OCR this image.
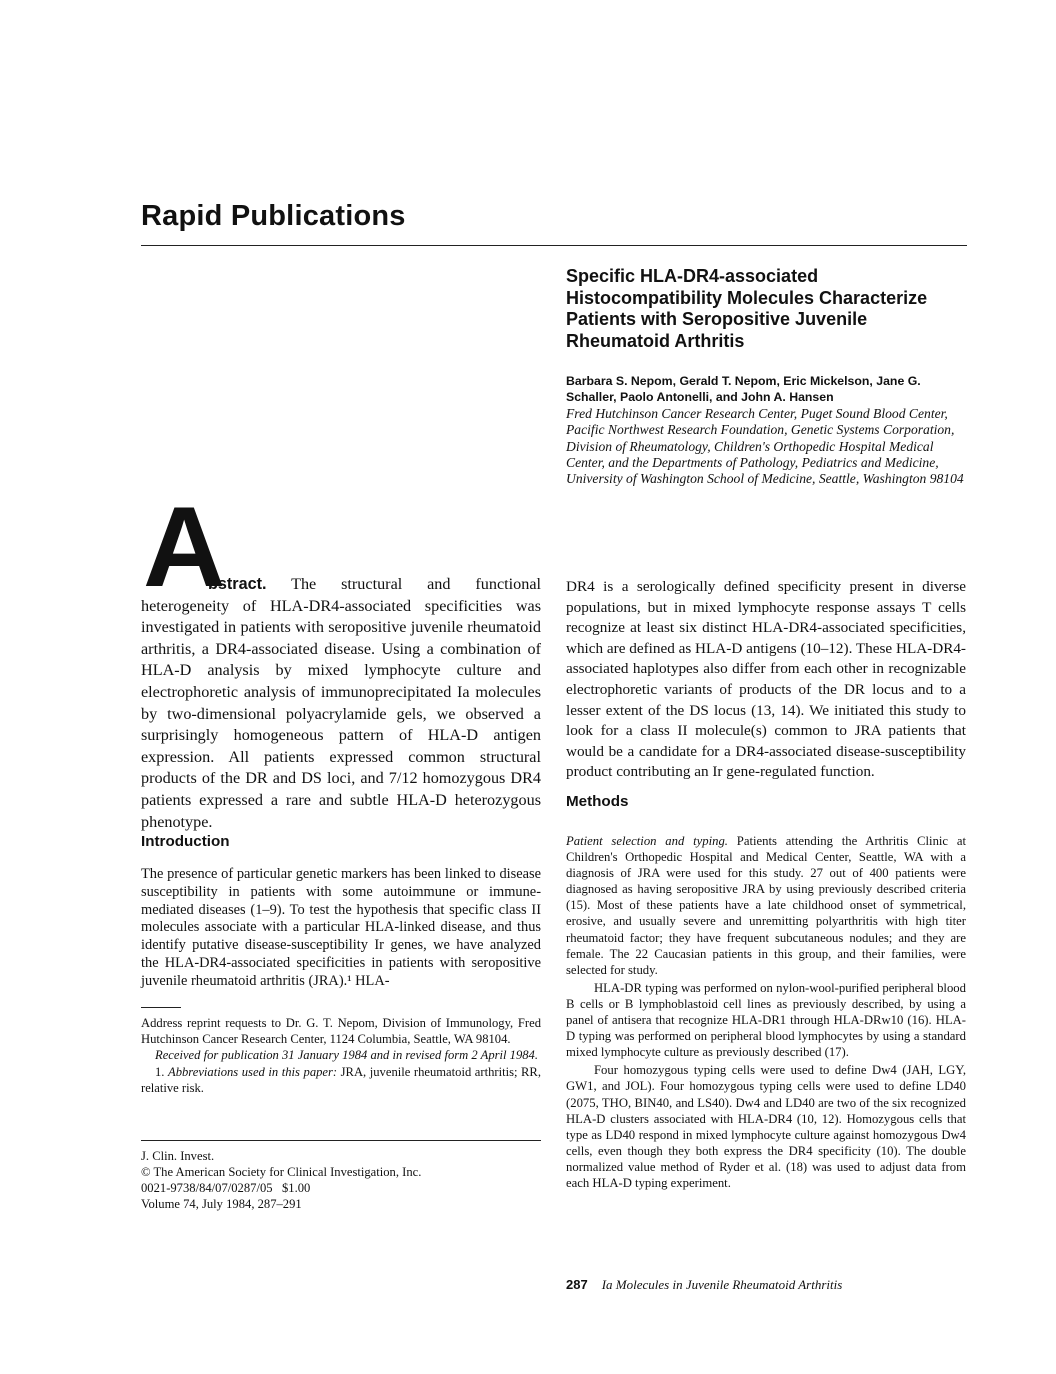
Rapid Publications
Specific HLA-DR4-associated Histocompatibility Molecules Characterize Patients with Seropositive Juvenile Rheumatoid Arthritis
Barbara S. Nepom, Gerald T. Nepom, Eric Mickelson, Jane G. Schaller, Paolo Antonelli, and John A. Hansen
Fred Hutchinson Cancer Research Center, Puget Sound Blood Center, Pacific Northwest Research Foundation, Genetic Systems Corporation, Division of Rheumatology, Children's Orthopedic Hospital Medical Center, and the Departments of Pathology, Pediatrics and Medicine, University of Washington School of Medicine, Seattle, Washington 98104
A
bstract. The structural and functional heterogeneity of HLA-DR4-associated specificities was investigated in patients with seropositive juvenile rheumatoid arthritis, a DR4-associated disease. Using a combination of HLA-D analysis by mixed lymphocyte culture and electrophoretic analysis of immunoprecipitated Ia molecules by two-dimensional polyacrylamide gels, we observed a surprisingly homogeneous pattern of HLA-D antigen expression. All patients expressed common structural products of the DR and DS loci, and 7/12 homozygous DR4 patients expressed a rare and subtle HLA-D heterozygous phenotype.
DR4 is a serologically defined specificity present in diverse populations, but in mixed lymphocyte response assays T cells recognize at least six distinct HLA-DR4-associated specificities, which are defined as HLA-D antigens (10–12). These HLA-DR4-associated haplotypes also differ from each other in recognizable electrophoretic variants of products of the DR locus and to a lesser extent of the DS locus (13, 14). We initiated this study to look for a class II molecule(s) common to JRA patients that would be a candidate for a DR4-associated disease-susceptibility product contributing an Ir gene-regulated function.
Introduction
The presence of particular genetic markers has been linked to disease susceptibility in patients with some autoimmune or immune-mediated diseases (1–9). To test the hypothesis that specific class II molecules associate with a particular HLA-linked disease, and thus identify putative disease-susceptibility Ir genes, we have analyzed the HLA-DR4-associated specificities in patients with seropositive juvenile rheumatoid arthritis (JRA).¹ HLA-

Address reprint requests to Dr. G. T. Nepom, Division of Immunology, Fred Hutchinson Cancer Research Center, 1124 Columbia, Seattle, WA 98104.

Received for publication 31 January 1984 and in revised form 2 April 1984.

1. Abbreviations used in this paper: JRA, juvenile rheumatoid arthritis; RR, relative risk.

J. Clin. Invest.
© The American Society for Clinical Investigation, Inc.
0021-9738/84/07/0287/05   $1.00
Volume 74, July 1984, 287–291
Methods

Patient selection and typing. Patients attending the Arthritis Clinic at Children's Orthopedic Hospital and Medical Center, Seattle, WA with a diagnosis of JRA were used for this study. 27 out of 400 patients were diagnosed as having seropositive JRA by using previously described criteria (15). Most of these patients have a late childhood onset of symmetrical, erosive, and usually severe and unremitting polyarthritis with high titer rheumatoid factor; they have frequent subcutaneous nodules; and they are female. The 22 Caucasian patients in this group, and their families, were selected for study.

HLA-DR typing was performed on nylon-wool-purified peripheral blood B cells or B lymphoblastoid cell lines as previously described, by using a panel of antisera that recognize HLA-DR1 through HLA-DRw10 (16). HLA-D typing was performed on peripheral blood lymphocytes by using a standard mixed lymphocyte culture as previously described (17).

Four homozygous typing cells were used to define Dw4 (JAH, LGY, GW1, and JOL). Four homozygous typing cells were used to define LD40 (2075, THO, BIN40, and LS40). Dw4 and LD40 are two of the six recognized HLA-D clusters associated with HLA-DR4 (10, 12). Homozygous cells that type as LD40 respond in mixed lymphocyte culture against homozygous Dw4 cells, even though they both express the DR4 specificity (10). The double normalized value method of Ryder et al. (18) was used to adjust data from each HLA-D typing experiment.

287 Ia Molecules in Juvenile Rheumatoid Arthritis
